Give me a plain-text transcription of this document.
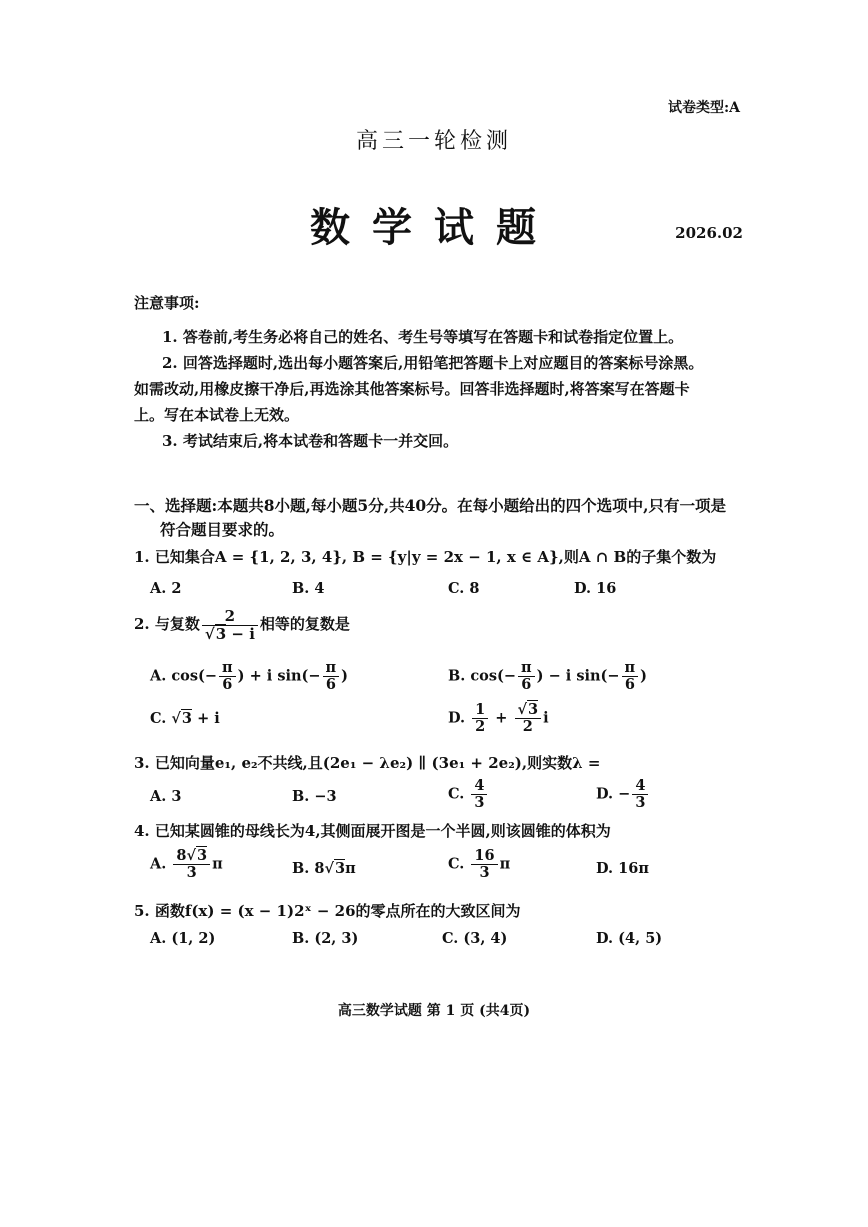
试卷类型:A
高三一轮检测
数学试题	2026.02
注意事项:
1. 答卷前,考生务必将自己的姓名、考生号等填写在答题卡和试卷指定位置上。
2. 回答选择题时,选出每小题答案后,用铅笔把答题卡上对应题目的答案标号涂黑。
如需改动,用橡皮擦干净后,再选涂其他答案标号。回答非选择题时,将答案写在答题卡
上。写在本试卷上无效。
3. 考试结束后,将本试卷和答题卡一并交回。
一、选择题:本题共8小题,每小题5分,共40分。在每小题给出的四个选项中,只有一项是
符合题目要求的。
1. 已知集合A = {1, 2, 3, 4}, B = {y|y = 2x − 1, x ∈ A},则A ∩ B的子集个数为
A. 2	B. 4	C. 8	D. 16
2. 与复数 $\frac{2}{√3 - i}$ 相等的复数是
A. $\cos(- \frac{\pi}{6}$ ) + i $\sin(- \frac{\pi}{6}$ )	B. $\cos(- \frac{\pi}{6}$ ) − i $\sin(- \frac{\pi}{6}$ )
C. √3 + i	D. $\frac{1}{2} + \frac{√3}{2}$ i
3. 已知向量e₁, e₂不共线,且(2e₁ − λe₂) ∥ (3e₁ + 2e₂),则实数λ =
A. 3	B. −3	C. $\frac{4}{3}$	D. − $\frac{4}{3}$
4. 已知某圆锥的母线长为4,其侧面展开图是一个半圆,则该圆锥的体积为
A. $\frac{8√3}{3}$ π	B. 8√3π	C. $\frac{16}{3}$ π	D. 16π
5. 函数f(x) = (x − 1)2ˣ − 26的零点所在的大致区间为
A. (1, 2)	B. (2, 3)	C. (3, 4)	D. (4, 5)
高三数学试题 第 1 页 (共4页)
